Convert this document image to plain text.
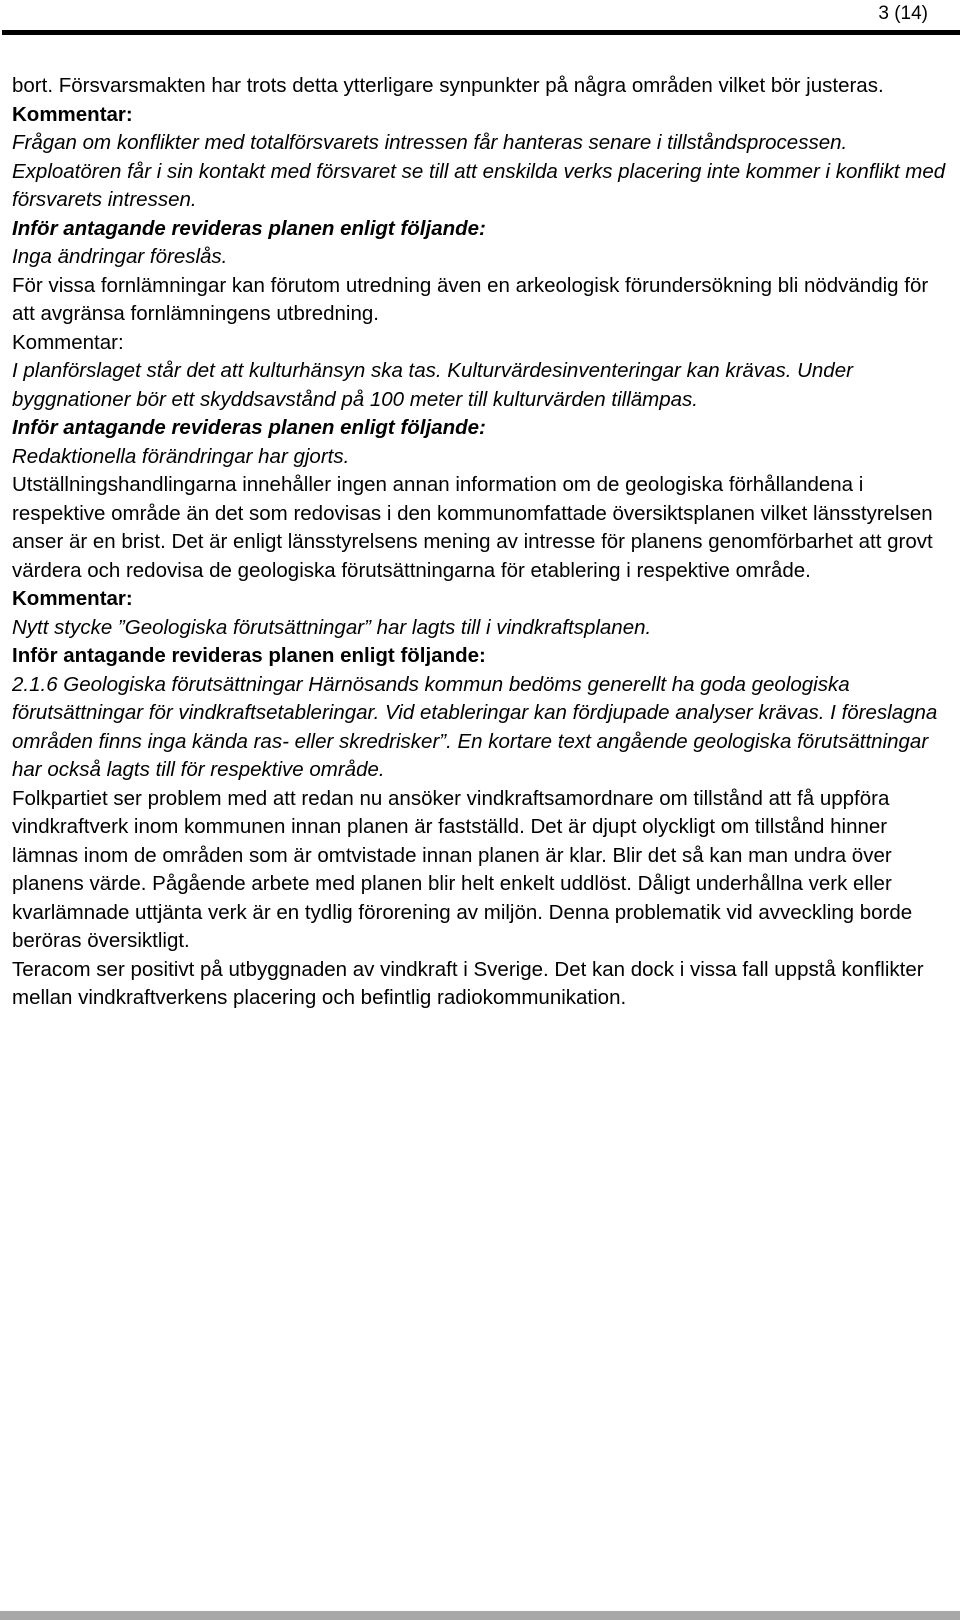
3 (14)

bort. Försvarsmakten har trots detta ytterligare synpunkter på några områden vilket bör justeras.

Kommentar:

Frågan om konflikter med totalförsvarets intressen får hanteras senare i tillståndsprocessen. Exploatören får i sin kontakt med försvaret se till att enskilda verks placering inte kommer i konflikt med försvarets intressen.

Inför antagande revideras planen enligt följande:

Inga ändringar föreslås.

För vissa fornlämningar kan förutom utredning även en arkeologisk förundersökning bli nödvändig för att avgränsa fornlämningens utbredning.

Kommentar:

I planförslaget står det att kulturhänsyn ska tas. Kulturvärdesinventeringar kan krävas. Under byggnationer bör ett skyddsavstånd på 100 meter till kulturvärden tillämpas.

Inför antagande revideras planen enligt följande:

Redaktionella förändringar har gjorts.

Utställningshandlingarna innehåller ingen annan information om de geologiska förhållandena i respektive område än det som redovisas i den kommunomfattade översiktsplanen vilket länsstyrelsen anser är en brist. Det är enligt länsstyrelsens mening av intresse för planens genomförbarhet att grovt värdera och redovisa de geologiska förutsättningarna för etablering i respektive område.

Kommentar:

Nytt stycke ”Geologiska förutsättningar” har lagts till i vindkraftsplanen.

Inför antagande revideras planen enligt följande:

2.1.6 Geologiska förutsättningar Härnösands kommun bedöms generellt ha goda geologiska förutsättningar för vindkraftsetableringar. Vid etableringar kan fördjupade analyser krävas. I föreslagna områden finns inga kända ras- eller skredrisker”. En kortare text angående geologiska förutsättningar har också lagts till för respektive område.

Folkpartiet ser problem med att redan nu ansöker vindkraftsamordnare om tillstånd att få uppföra vindkraftverk inom kommunen innan planen är fastställd. Det är djupt olyckligt om tillstånd hinner lämnas inom de områden som är omtvistade innan planen är klar. Blir det så kan man undra över planens värde. Pågående arbete med planen blir helt enkelt uddlöst. Dåligt underhållna verk eller kvarlämnade uttjänta verk är en tydlig förorening av miljön. Denna problematik vid avveckling borde beröras översiktligt.

Teracom ser positivt på utbyggnaden av vindkraft i Sverige. Det kan dock i vissa fall uppstå konflikter mellan vindkraftverkens placering och befintlig radiokommunikation.
